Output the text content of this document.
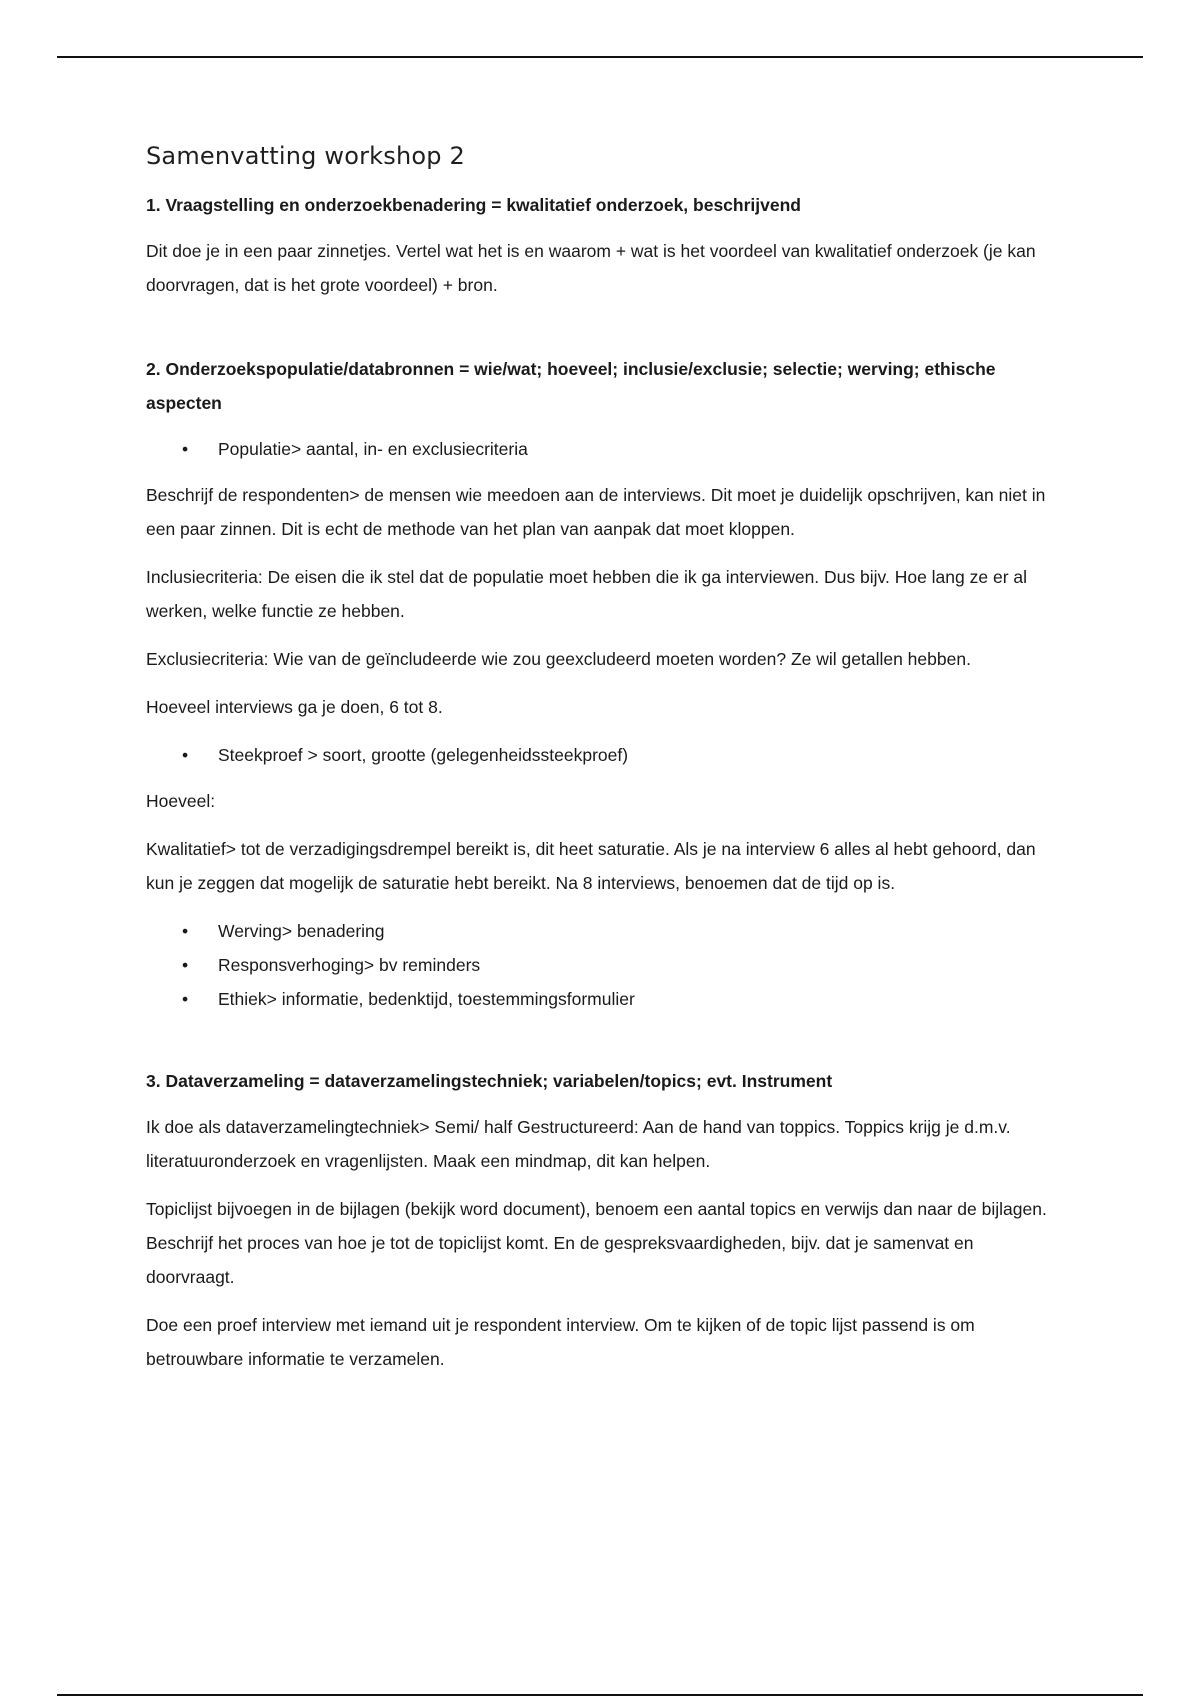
Samenvatting workshop 2
1. Vraagstelling en onderzoekbenadering = kwalitatief onderzoek, beschrijvend

Dit doe je in een paar zinnetjes. Vertel wat het is en waarom + wat is het voordeel van kwalitatief onderzoek (je kan doorvragen, dat is het grote voordeel) + bron.

2. Onderzoekspopulatie/databronnen = wie/wat; hoeveel; inclusie/exclusie; selectie; werving; ethische aspecten
• Populatie> aantal, in- en exclusiecriteria

Beschrijf de respondenten> de mensen wie meedoen aan de interviews. Dit moet je duidelijk opschrijven, kan niet in een paar zinnen. Dit is echt de methode van het plan van aanpak dat moet kloppen.

Inclusiecriteria: De eisen die ik stel dat de populatie moet hebben die ik ga interviewen. Dus bijv. Hoe lang ze er al werken, welke functie ze hebben.

Exclusiecriteria: Wie van de geïncludeerde wie zou geexcludeerd moeten worden? Ze wil getallen hebben.

Hoeveel interviews ga je doen, 6 tot 8.

• Steekproef > soort, grootte (gelegenheidssteekproef)

Hoeveel:

Kwalitatief> tot de verzadigingsdrempel bereikt is, dit heet saturatie. Als je na interview 6 alles al hebt gehoord, dan kun je zeggen dat mogelijk de saturatie hebt bereikt. Na 8 interviews, benoemen dat de tijd op is.

• Werving> benadering
• Responsverhoging> bv reminders
• Ethiek> informatie, bedenktijd, toestemmingsformulier
3. Dataverzameling = dataverzamelingstechniek; variabelen/topics; evt. Instrument

Ik doe als dataverzamelingtechniek> Semi/ half Gestructureerd: Aan de hand van toppics. Toppics krijg je d.m.v. literatuuronderzoek en vragenlijsten. Maak een mindmap, dit kan helpen.

Topiclijst bijvoegen in de bijlagen (bekijk word document), benoem een aantal topics en verwijs dan naar de bijlagen. Beschrijf het proces van hoe je tot de topiclijst komt. En de gespreksvaardigheden, bijv. dat je samenvat en doorvraagt.

Doe een proef interview met iemand uit je respondent interview. Om te kijken of de topic lijst passend is om betrouwbare informatie te verzamelen.
